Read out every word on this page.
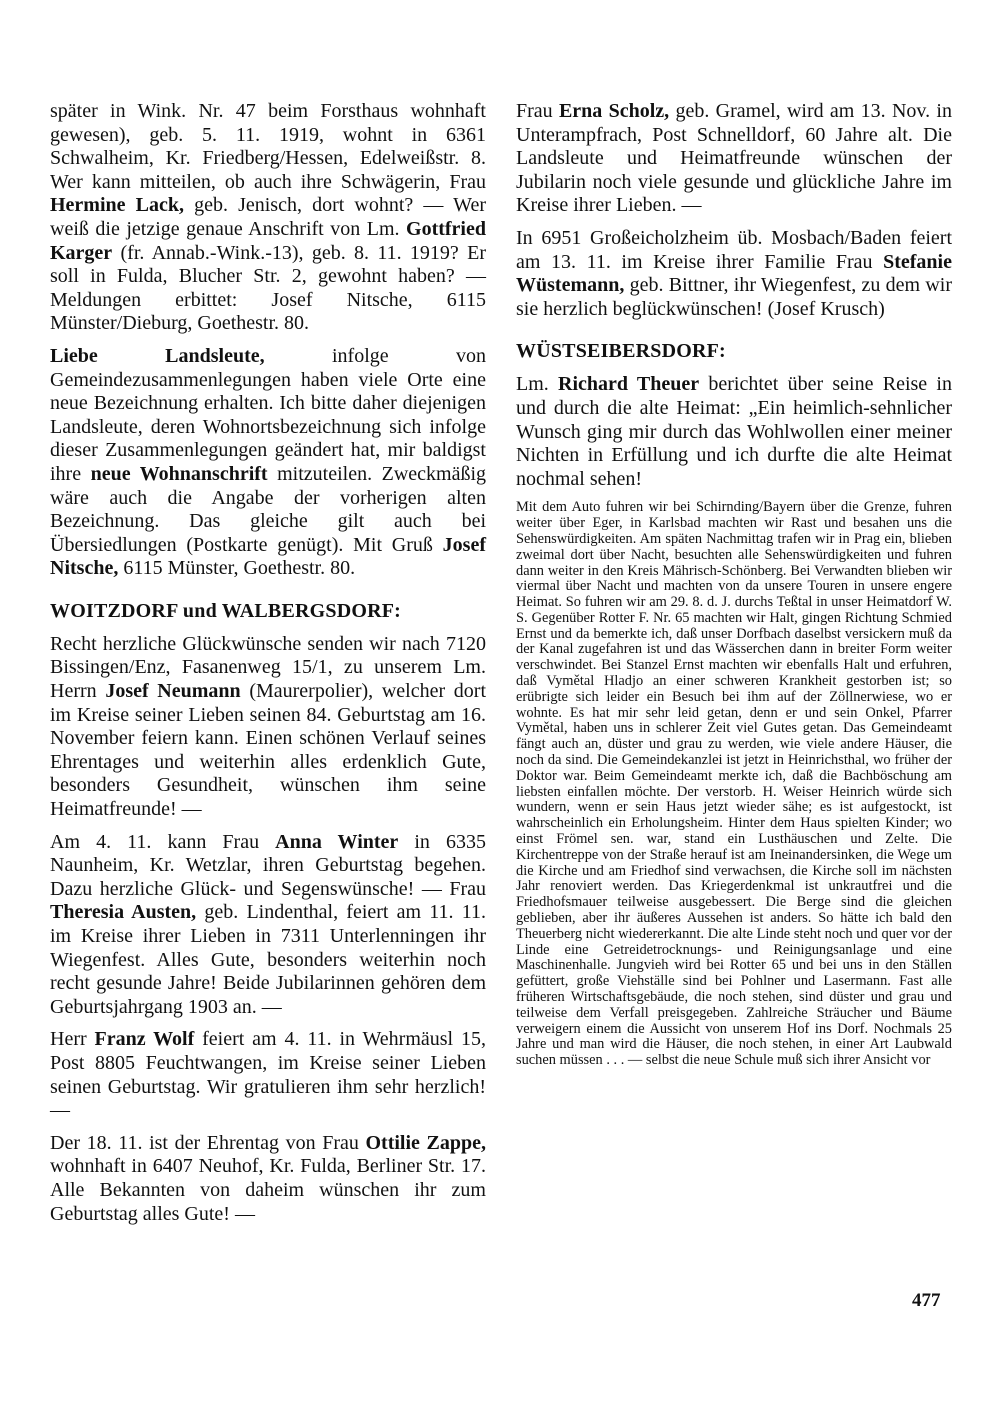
später in Wink. Nr. 47 beim Forsthaus wohnhaft gewesen), geb. 5. 11. 1919, wohnt in 6361 Schwalheim, Kr. Friedberg/Hessen, Edelweißstr. 8. Wer kann mitteilen, ob auch ihre Schwägerin, Frau Hermine Lack, geb. Jenisch, dort wohnt? — Wer weiß die jetzige genaue Anschrift von Lm. Gottfried Karger (fr. Annab.-Wink.-13), geb. 8. 11. 1919? Er soll in Fulda, Blucher Str. 2, gewohnt haben? — Meldungen erbittet: Josef Nitsche, 6115 Münster/Dieburg, Goethestr. 80.

Liebe Landsleute, infolge von Gemeindezusammenlegungen haben viele Orte eine neue Bezeichnung erhalten. Ich bitte daher diejenigen Landsleute, deren Wohnortsbezeichnung sich infolge dieser Zusammenlegungen geändert hat, mir baldigst ihre neue Wohnanschrift mitzuteilen. Zweckmäßig wäre auch die Angabe der vorherigen alten Bezeichnung. Das gleiche gilt auch bei Übersiedlungen (Postkarte genügt). Mit Gruß Josef Nitsche, 6115 Münster, Goethestr. 80.

WOITZDORF und WALBERGSDORF:

Recht herzliche Glückwünsche senden wir nach 7120 Bissingen/Enz, Fasanenweg 15/1, zu unserem Lm. Herrn Josef Neumann (Maurerpolier), welcher dort im Kreise seiner Lieben seinen 84. Geburtstag am 16. November feiern kann. Einen schönen Verlauf seines Ehrentages und weiterhin alles erdenklich Gute, besonders Gesundheit, wünschen ihm seine Heimatfreunde! —

Am 4. 11. kann Frau Anna Winter in 6335 Naunheim, Kr. Wetzlar, ihren Geburtstag begehen. Dazu herzliche Glück- und Segenswünsche! — Frau Theresia Austen, geb. Lindenthal, feiert am 11. 11. im Kreise ihrer Lieben in 7311 Unterlenningen ihr Wiegenfest. Alles Gute, besonders weiterhin noch recht gesunde Jahre! Beide Jubilarinnen gehören dem Geburtsjahrgang 1903 an. —

Herr Franz Wolf feiert am 4. 11. in Wehrmäusl 15, Post 8805 Feuchtwangen, im Kreise seiner Lieben seinen Geburtstag. Wir gratulieren ihm sehr herzlich! —

Der 18. 11. ist der Ehrentag von Frau Ottilie Zappe, wohnhaft in 6407 Neuhof, Kr. Fulda, Berliner Str. 17. Alle Bekannten von daheim wünschen ihr zum Geburtstag alles Gute! —

Frau Erna Scholz, geb. Gramel, wird am 13. Nov. in Unterampfrach, Post Schnelldorf, 60 Jahre alt. Die Landsleute und Heimatfreunde wünschen der Jubilarin noch viele gesunde und glückliche Jahre im Kreise ihrer Lieben. —

In 6951 Großeicholzheim üb. Mosbach/Baden feiert am 13. 11. im Kreise ihrer Familie Frau Stefanie Wüstemann, geb. Bittner, ihr Wiegenfest, zu dem wir sie herzlich beglückwünschen! (Josef Krusch)

WÜSTSEIBERSDORF:

Lm. Richard Theuer berichtet über seine Reise in und durch die alte Heimat: „Ein heimlich-sehnlicher Wunsch ging mir durch das Wohlwollen einer meiner Nichten in Erfüllung und ich durfte die alte Heimat nochmal sehen!

Mit dem Auto fuhren wir bei Schirnding/Bayern über die Grenze, fuhren weiter über Eger, in Karlsbad machten wir Rast und besahen uns die Sehenswürdigkeiten. Am späten Nachmittag trafen wir in Prag ein, blieben zweimal dort über Nacht, besuchten alle Sehenswürdigkeiten und fuhren dann weiter in den Kreis Mährisch-Schönberg. Bei Verwandten blieben wir viermal über Nacht und machten von da unsere Touren in unsere engere Heimat. So fuhren wir am 29. 8. d. J. durchs Teßtal in unser Heimatdorf W. S. Gegenüber Rotter F. Nr. 65 machten wir Halt, gingen Richtung Schmied Ernst und da bemerkte ich, daß unser Dorfbach daselbst versickern muß da der Kanal zugefahren ist und das Wässerchen dann in breiter Form weiter verschwindet. Bei Stanzel Ernst machten wir ebenfalls Halt und erfuhren, daß Vymětal Hladjo an einer schweren Krankheit gestorben ist; so erübrigte sich leider ein Besuch bei ihm auf der Zöllnerwiese, wo er wohnte. Es hat mir sehr leid getan, denn er und sein Onkel, Pfarrer Vymětal, haben uns in schlerer Zeit viel Gutes getan. Das Gemeindeamt fängt auch an, düster und grau zu werden, wie viele andere Häuser, die noch da sind. Die Gemeindekanzlei ist jetzt in Heinrichsthal, wo früher der Doktor war. Beim Gemeindeamt merkte ich, daß die Bachböschung am liebsten einfallen möchte. Der verstorb. H. Weiser Heinrich würde sich wundern, wenn er sein Haus jetzt wieder sähe; es ist aufgestockt, ist wahrscheinlich ein Erholungsheim. Hinter dem Haus spielten Kinder; wo einst Frömel sen. war, stand ein Lusthäuschen und Zelte. Die Kirchentreppe von der Straße herauf ist am Ineinandersinken, die Wege um die Kirche und am Friedhof sind verwachsen, die Kirche soll im nächsten Jahr renoviert werden. Das Kriegerdenkmal ist unkrautfrei und die Friedhofsmauer teilweise ausgebessert. Die Berge sind die gleichen geblieben, aber ihr äußeres Aussehen ist anders. So hätte ich bald den Theuerberg nicht wiedererkannt. Die alte Linde steht noch und quer vor der Linde eine Getreidetrocknungs- und Reinigungsanlage und eine Maschinenhalle. Jungvieh wird bei Rotter 65 und bei uns in den Ställen gefüttert, große Viehställe sind bei Pohlner und Lasermann. Fast alle früheren Wirtschaftsgebäude, die noch stehen, sind düster und grau und teilweise dem Verfall preisgegeben. Zahlreiche Sträucher und Bäume verweigern einem die Aussicht von unserem Hof ins Dorf. Nochmals 25 Jahre und man wird die Häuser, die noch stehen, in einer Art Laubwald suchen müssen . . . — selbst die neue Schule muß sich ihrer Ansicht vor

477
